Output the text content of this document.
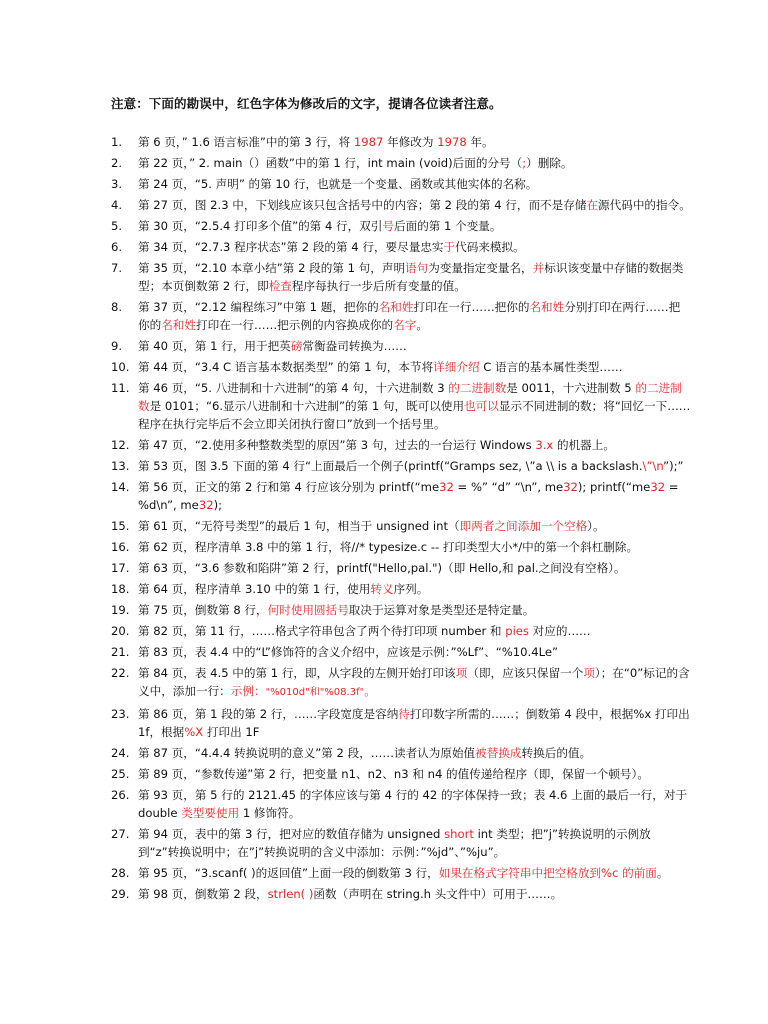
注意：下面的勘误中，红色字体为修改后的文字，提请各位读者注意。
1. 第 6 页，” 1.6 语言标准”中的第 3 行，将 1987 年修改为 1978 年。
2. 第 22 页，” 2. main（）函数”中的第 1 行，int main (void)后面的分号（;）删除。
3. 第 24 页，“5. 声明” 的第 10 行，也就是一个变量、函数或其他实体的名称。
4. 第 27 页，图 2.3 中，下划线应该只包含括号中的内容；第 2 段的第 4 行，而不是存储在源代码中的指令。
5. 第 30 页，“2.5.4 打印多个值”的第 4 行，双引号后面的第 1 个变量。
6. 第 34 页，“2.7.3 程序状态”第 2 段的第 4 行，要尽量忠实于代码来模拟。
7. 第 35 页，“2.10 本章小结”第 2 段的第 1 句，声明语句为变量指定变量名，并标识该变量中存储的数据类型；本页倒数第 2 行，即检查程序每执行一步后所有变量的值。
8. 第 37 页，“2.12 编程练习”中第 1 题，把你的名和姓打印在一行……把你的名和姓分别打印在两行……把你的名和姓打印在一行……把示例的内容换成你的名字。
9. 第 40 页，第 1 行，用于把英磅常衡盎司转换为……
10. 第 44 页，“3.4 C 语言基本数据类型” 的第 1 句，本节将详细介绍 C 语言的基本属性类型……
11. 第 46 页，“5. 八进制和十六进制”的第 4 句，十六进制数 3 的二进制数是 0011，十六进制数 5 的二进制数是 0101；“6.显示八进制和十六进制”的第 1 句，既可以使用也可以显示不同进制的数；将“回忆一下……程序在执行完毕后不会立即关闭执行窗口”放到一个括号里。
12. 第 47 页，“2.使用多种整数类型的原因”第 3 句，过去的一台运行 Windows 3.x 的机器上。
13. 第 53 页，图 3.5 下面的第 4 行“上面最后一个例子(printf(“Gramps sez, \”a \\ is a backslash.\”\n”);”
14. 第 56 页，正文的第 2 行和第 4 行应该分别为 printf(“me32 = %” “d” “\n”, me32); printf(“me32 = %d\n”, me32);
15. 第 61 页，“无符号类型”的最后 1 句，相当于 unsigned int（即两者之间添加一个空格）。
16. 第 62 页，程序清单 3.8 中的第 1 行，将//* typesize.c -- 打印类型大小*/中的第一个斜杠删除。
17. 第 63 页，“3.6 参数和陷阱”第 2 行，printf("Hello,pal.")（即 Hello,和 pal.之间没有空格）。
18. 第 64 页，程序清单 3.10 中的第 1 行，使用转义序列。
19. 第 75 页，倒数第 8 行，何时使用圆括号取决于运算对象是类型还是特定量。
20. 第 82 页，第 11 行，……格式字符串包含了两个待打印项 number 和 pies 对应的……
21. 第 83 页，表 4.4 中的“L”修饰符的含义介绍中，应该是示例：”%Lf”、“%10.4Le”
22. 第 84 页，表 4.5 中的第 1 行，即，从字段的左侧开始打印该项（即，应该只保留一个项）；在“0”标记的含义中，添加一行：示例："%010d"和"%08.3f"。
23. 第 86 页，第 1 段的第 2 行，……字段宽度是容纳待打印数字所需的……；倒数第 4 段中，根据%x 打印出 1f，根据%X 打印出 1F
24. 第 87 页，“4.4.4 转换说明的意义”第 2 段，……读者认为原始值被替换成转换后的值。
25. 第 89 页，“参数传递”第 2 行，把变量 n1、n2、n3 和 n4 的值传递给程序（即，保留一个顿号）。
26. 第 93 页，第 5 行的 2121.45 的字体应该与第 4 行的 42 的字体保持一致；表 4.6 上面的最后一行，对于 double 类型要使用 1 修饰符。
27. 第 94 页，表中的第 3 行，把对应的数值存储为 unsigned short int 类型；把”j”转换说明的示例放到“z”转换说明中；在”j”转换说明的含义中添加：示例：”%jd”、”%ju”。
28. 第 95 页，“3.scanf( )的返回值”上面一段的倒数第 3 行，如果在格式字符串中把空格放到%c 的前面。
29. 第 98 页，倒数第 2 段，strlen( )函数（声明在 string.h 头文件中）可用于……。
